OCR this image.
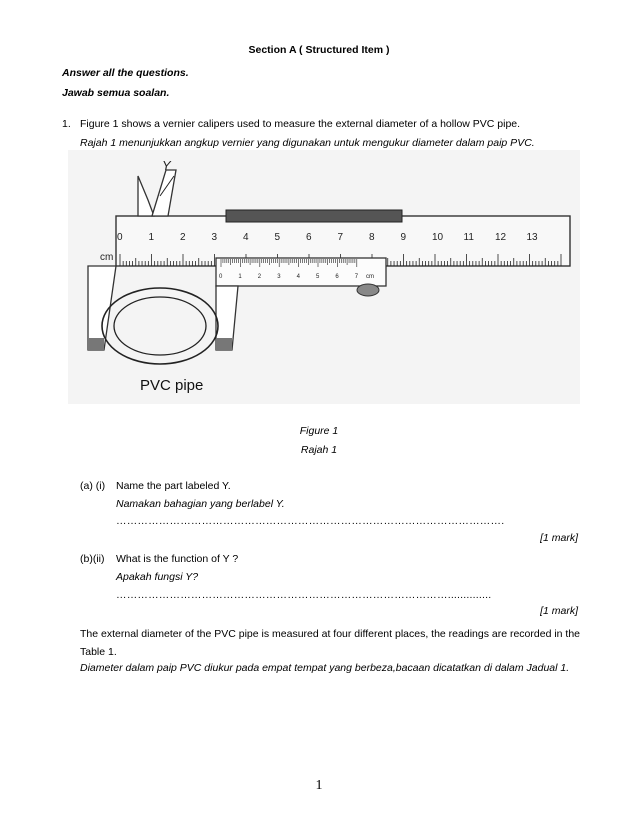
Section A ( Structured Item )
Answer all the questions.
Jawab semua soalan.
1. Figure 1 shows a vernier calipers used to measure the external diameter of a hollow PVC pipe.
Rajah 1 menunjukkan angkup vernier yang digunakan untuk mengukur diameter dalam paip PVC.
Y
0	1	2	3	4	5	6	7	8	9	10 11 12 13
cm
0	1	2	3	4	5	6	7 cm
PVC pipe
Figure 1
Rajah 1
(a) (i) Name the part labeled Y.
Namakan bahagian yang berlabel Y.
……………………………………………………………………………………………….
[1 mark]
(b)(ii) What is the function of Y ?
Apakah fungsi Y?
…………………………………………………………………………………..............
[1 mark]
The external diameter of the PVC pipe is measured at four different places, the readings are recorded in the Table 1.
Diameter dalam paip PVC diukur pada empat tempat yang berbeza,bacaan dicatatkan di dalam Jadual 1.
1
